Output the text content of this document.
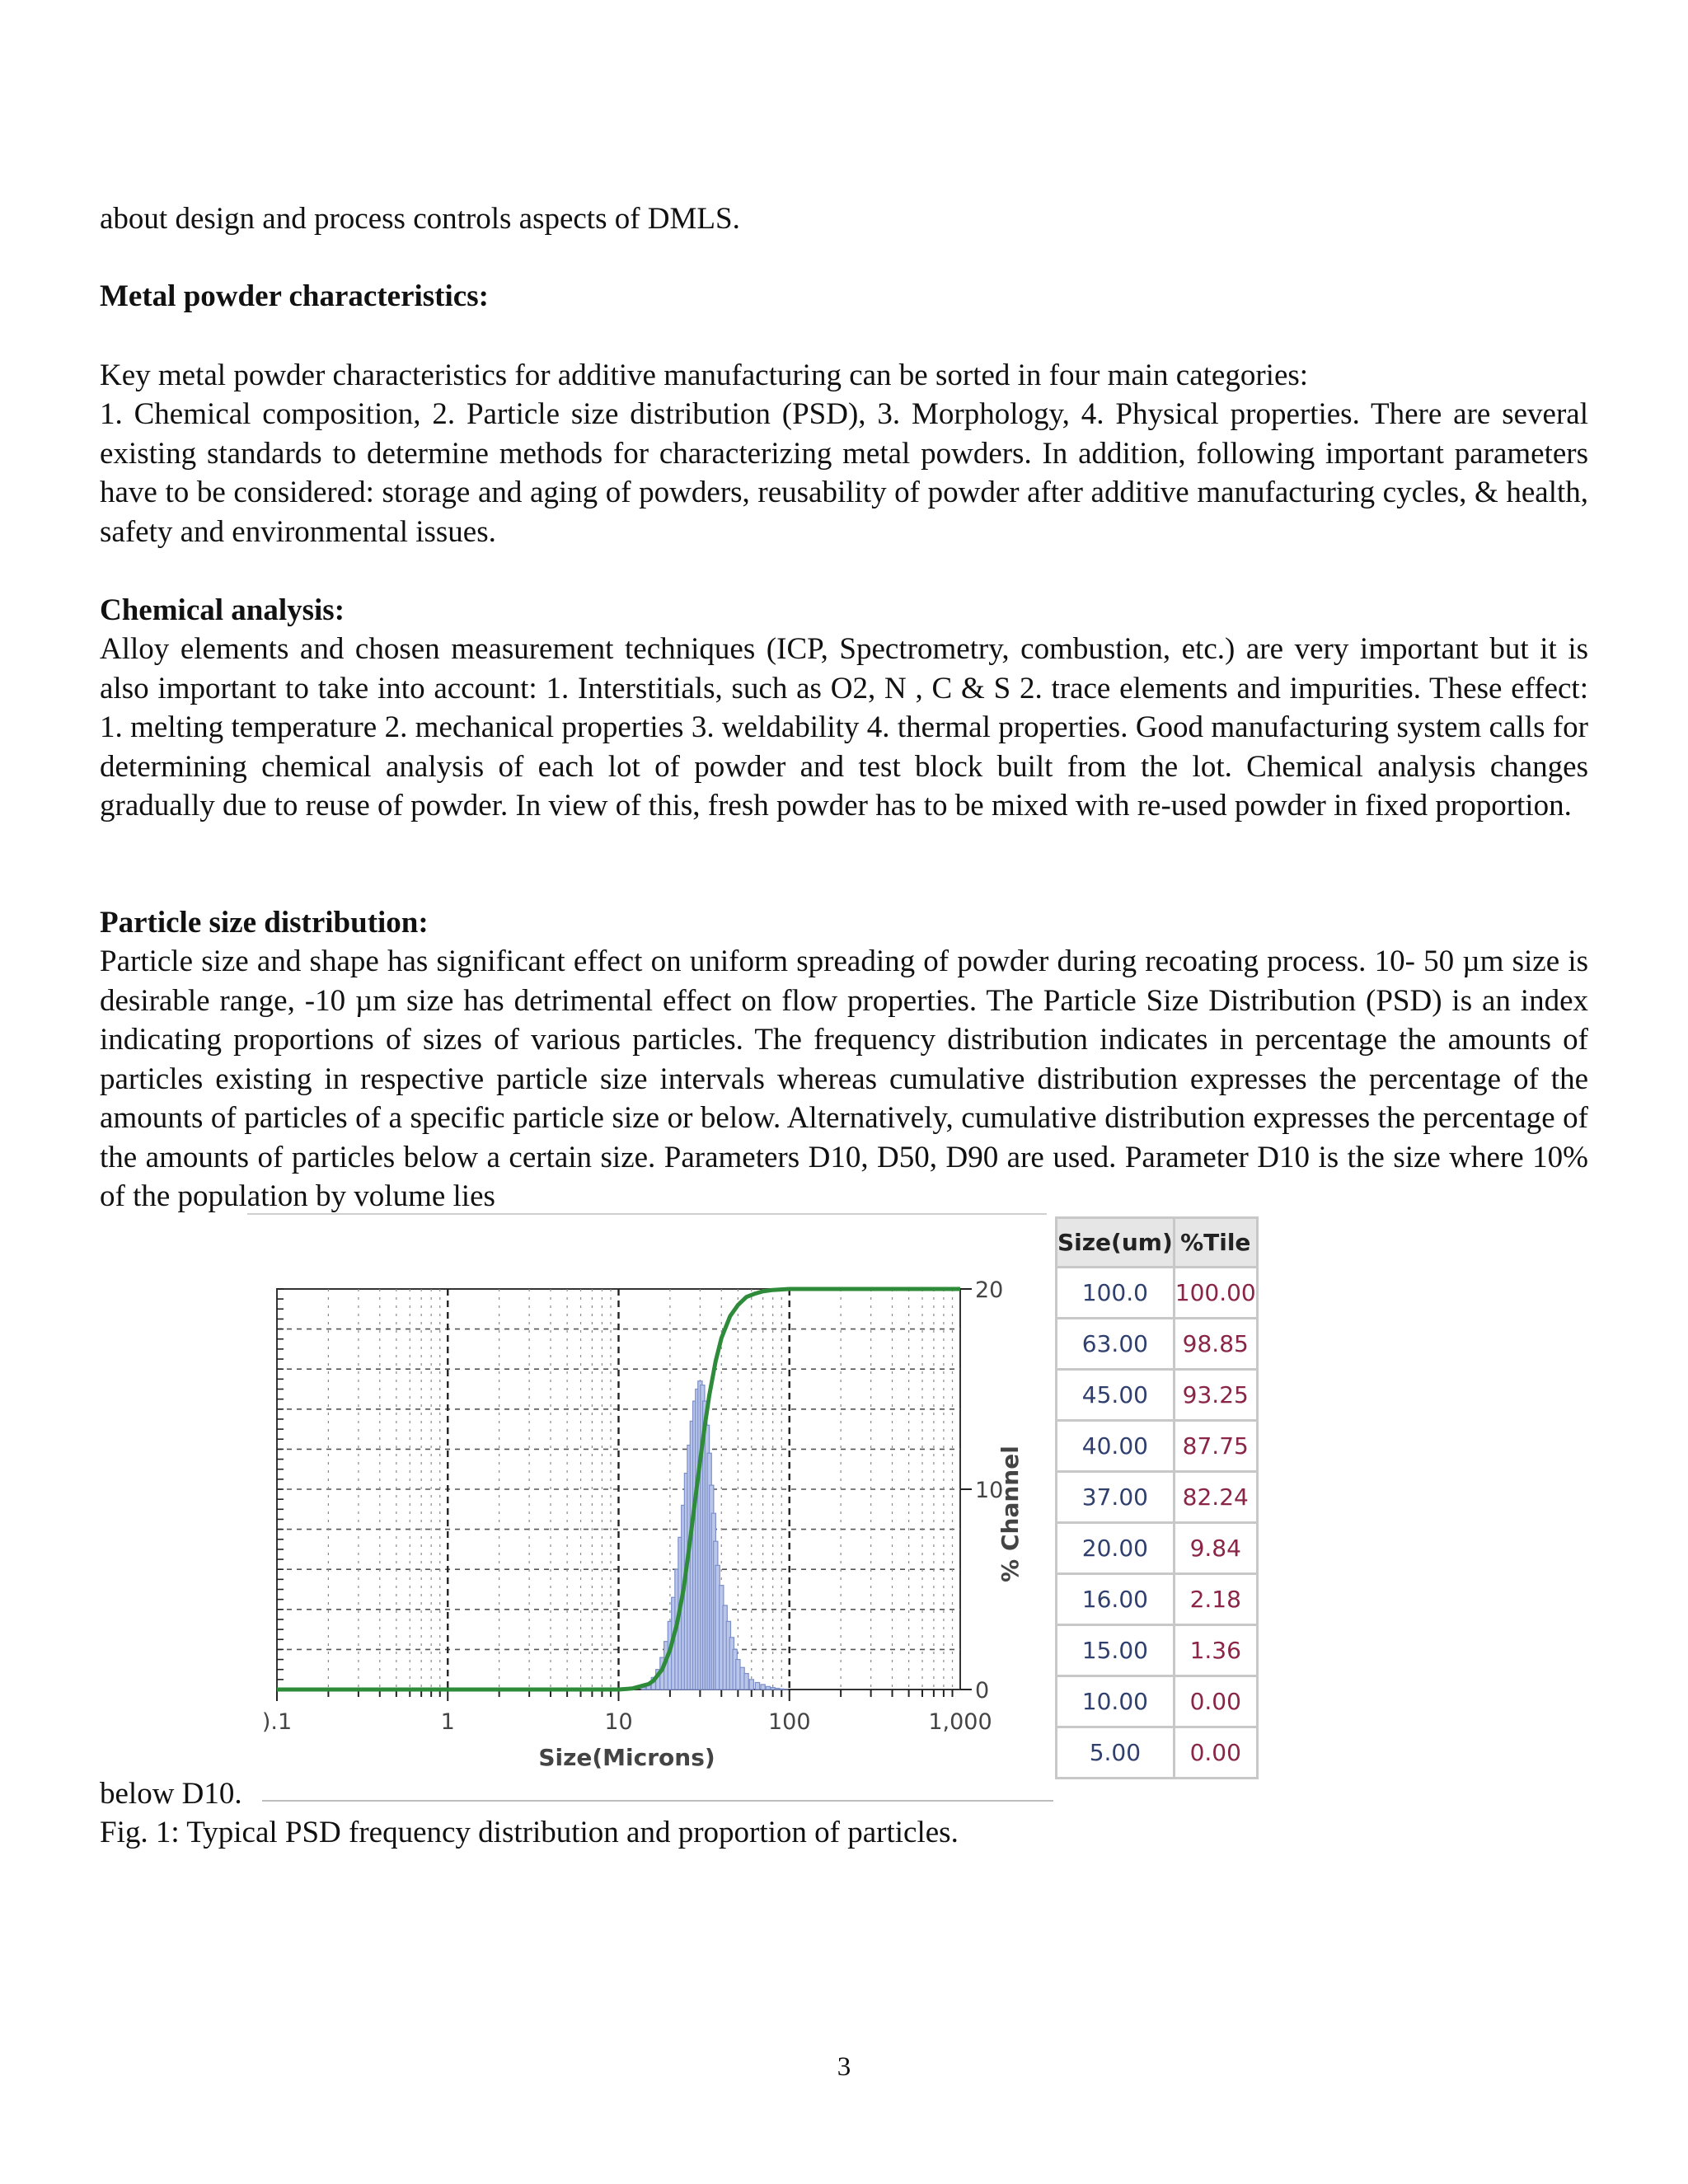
about design and process controls aspects of DMLS.

Metal powder characteristics:

Key metal powder characteristics for additive manufacturing can be sorted in four main categories:

1. Chemical composition, 2. Particle size distribution (PSD), 3. Morphology, 4. Physical properties. There are several existing standards to determine methods for characterizing metal powders. In addition, following important parameters have to be considered: storage and aging of powders, reusability of powder after additive manufacturing cycles, & health, safety and environmental issues.

Chemical analysis:

Alloy elements and chosen measurement techniques (ICP, Spectrometry, combustion, etc.) are very important but it is also important to take into account: 1. Interstitials, such as O2, N , C & S 2. trace elements and impurities. These effect: 1. melting temperature 2. mechanical properties 3. weldability 4. thermal properties. Good manufacturing system calls for determining chemical analysis of each lot of powder and test block built from the lot. Chemical analysis changes gradually due to reuse of powder. In view of this, fresh powder has to be mixed with re-used powder in fixed proportion.

Particle size distribution:

Particle size and shape has significant effect on uniform spreading of powder during recoating process. 10- 50 µm size is desirable range, -10 µm size has detrimental effect on flow properties. The Particle Size Distribution (PSD) is an index indicating proportions of sizes of various particles. The frequency distribution indicates in percentage the amounts of particles existing in respective particle size intervals whereas cumulative distribution expresses the percentage of the amounts of particles of a specific particle size or below. Alternatively, cumulative distribution expresses the percentage of the amounts of particles below a certain size. Parameters D10, D50, D90 are used. Parameter D10 is the size where 10% of the population by volume lies

).1	1	10	100	1,000
0
10
20
Size(Microns)
% Channel
Size(um)	%Tile
100.0	100.00
63.00	98.85
45.00	93.25
40.00	87.75
37.00	82.24
20.00	9.84
16.00	2.18
15.00	1.36
10.00	0.00
5.00	0.00

below D10.

Fig. 1: Typical PSD frequency distribution and proportion of particles.

3
